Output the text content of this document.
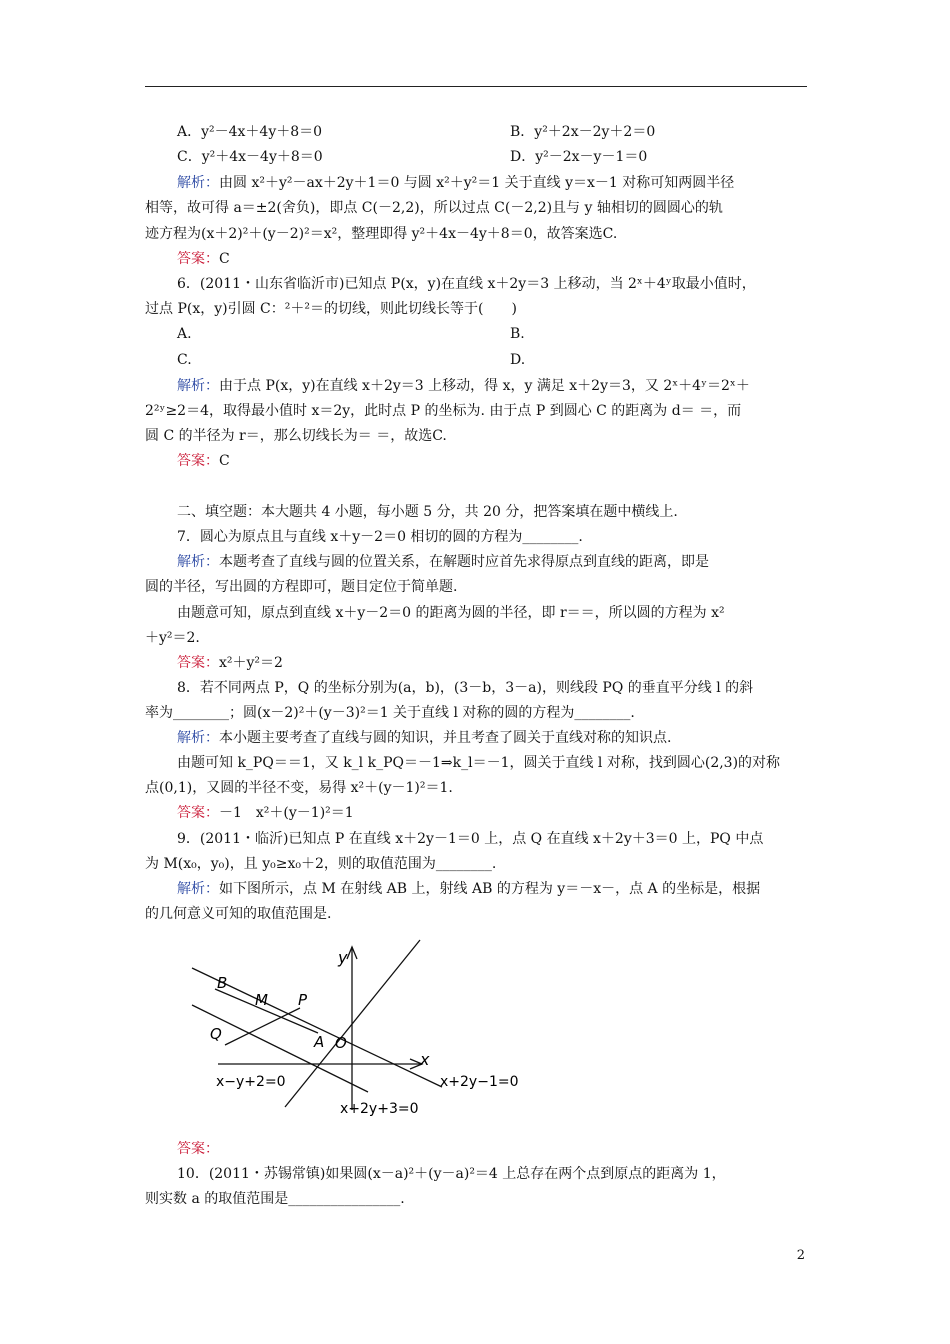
A．y²－4x＋4y＋8＝0	B．y²＋2x－2y＋2＝0
C．y²＋4x－4y＋8＝0	D．y²－2x－y－1＝0
解析：由圆 x²＋y²－ax＋2y＋1＝0 与圆 x²＋y²＝1 关于直线 y＝x－1 对称可知两圆半径
相等，故可得 a＝±2(舍负)，即点 C(－2,2)，所以过点 C(－2,2)且与 y 轴相切的圆圆心的轨
迹方程为(x＋2)²＋(y－2)²＝x²，整理即得 y²＋4x－4y＋8＝0，故答案选C.
答案：C
6．(2011・山东省临沂市)已知点 P(x，y)在直线 x＋2y＝3 上移动，当 2ˣ＋4ʸ取最小值时，
过点 P(x，y)引圆 C：²＋²＝的切线，则此切线长等于(　　)
A.	B.
C.	D.
解析：由于点 P(x，y)在直线 x＋2y＝3 上移动，得 x，y 满足 x＋2y＝3，又 2ˣ＋4ʸ＝2ˣ＋
2²ʸ≥2＝4，取得最小值时 x＝2y，此时点 P 的坐标为. 由于点 P 到圆心 C 的距离为 d＝ ＝，而
圆 C 的半径为 r＝，那么切线长为＝ ＝，故选C.
答案：C
二、填空题：本大题共 4 小题，每小题 5 分，共 20 分，把答案填在题中横线上.
7．圆心为原点且与直线 x＋y－2＝0 相切的圆的方程为________.
解析：本题考查了直线与圆的位置关系，在解题时应首先求得原点到直线的距离，即是
圆的半径，写出圆的方程即可，题目定位于简单题.
由题意可知，原点到直线 x＋y－2＝0 的距离为圆的半径，即 r＝＝，所以圆的方程为 x²
＋y²＝2.
答案：x²＋y²＝2
8．若不同两点 P，Q 的坐标分别为(a，b)，(3－b，3－a)，则线段 PQ 的垂直平分线 l 的斜
率为________；圆(x－2)²＋(y－3)²＝1 关于直线 l 对称的圆的方程为________.
解析：本小题主要考查了直线与圆的知识，并且考查了圆关于直线对称的知识点.
由题可知 k_PQ＝＝1，又 k_l k_PQ＝－1⇒k_l＝－1，圆关于直线 l 对称，找到圆心(2,3)的对称
点(0,1)，又圆的半径不变，易得 x²＋(y－1)²＝1.
答案：－1　x²＋(y－1)²＝1
9．(2011・临沂)已知点 P 在直线 x＋2y－1＝0 上，点 Q 在直线 x＋2y＋3＝0 上，PQ 中点
为 M(x₀，y₀)，且 y₀≥x₀＋2，则的取值范围为________.
解析：如下图所示，点 M 在射线 AB 上，射线 AB 的方程为 y＝－x－，点 A 的坐标是，根据
的几何意义可知的取值范围是.
B
M P
Q	A O
x
y
x−y+2=0	x+2y−1=0
x+2y+3=0
答案：
10．(2011・苏锡常镇)如果圆(x－a)²＋(y－a)²＝4 上总存在两个点到原点的距离为 1，
则实数 a 的取值范围是________________.
2
